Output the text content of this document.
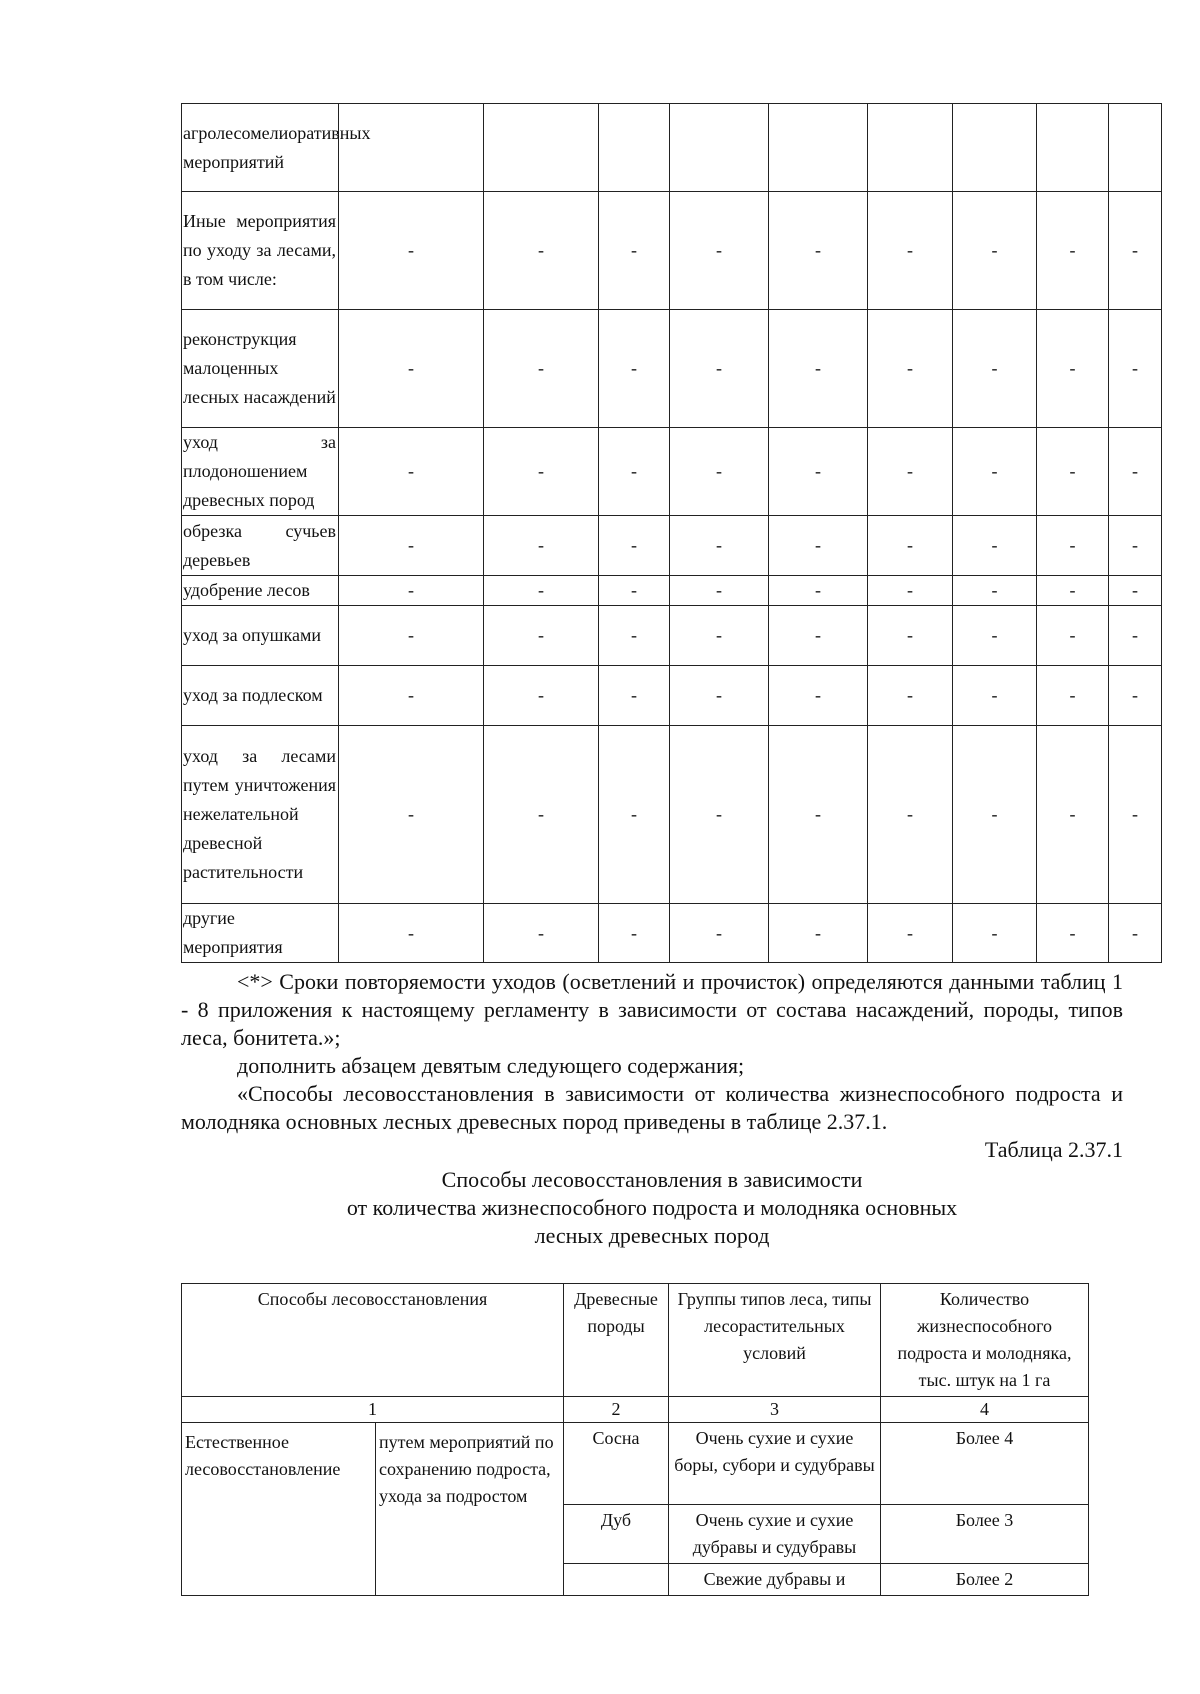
агролесомелиоративных мероприятий									
Иные мероприятия по уходу за лесами, в том числе:	-	-	-	-	-	-	-	-	-
реконструкция малоценных лесных насаждений	-	-	-	-	-	-	-	-	-
уход за плодоношением древесных пород	-	-	-	-	-	-	-	-	-
обрезка сучьев деревьев	-	-	-	-	-	-	-	-	-
удобрение лесов	-	-	-	-	-	-	-	-	-
уход за опушками	-	-	-	-	-	-	-	-	-
уход за подлеском	-	-	-	-	-	-	-	-	-
уход за лесами путем уничтожения нежелательной древесной растительности	-	-	-	-	-	-	-	-	-
другие мероприятия	-	-	-	-	-	-	-	-	-

<*> Сроки повторяемости уходов (осветлений и прочисток) определяются данными таблиц 1 - 8 приложения к настоящему регламенту в зависимости от состава насаждений, породы, типов леса, бонитета.»;

дополнить абзацем девятым следующего содержания;

«Способы лесовосстановления в зависимости от количества жизнеспособного подроста и молодняка основных лесных древесных пород приведены в таблице 2.37.1.

Таблица 2.37.1

Способы лесовосстановления в зависимости

от количества жизнеспособного подроста и молодняка основных

лесных древесных пород

Способы лесовосстановления		Древесные породы	Группы типов леса, типы лесорастительных условий	Количество жизнеспособного подроста и молодняка, тыс. штук на 1 га
1		2	3	4
Естественное лесовосстановление	путем мероприятий по сохранению подроста, ухода за подростом	Сосна	Очень сухие и сухие боры, субори и судубравы	Более 4
		Дуб	Очень сухие и сухие дубравы и судубравы	Более 3
			Свежие дубравы и	Более 2
